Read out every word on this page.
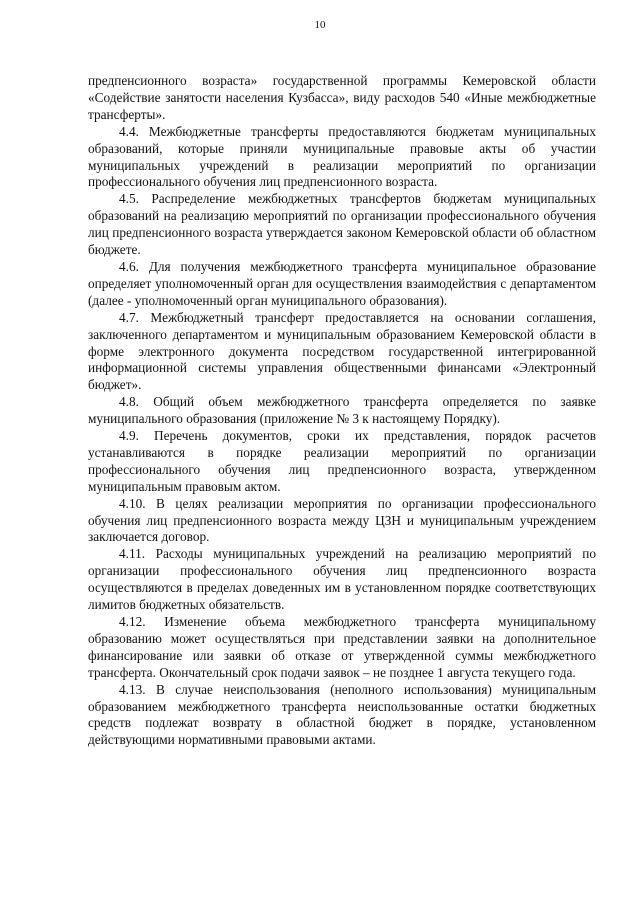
10

предпенсионного возраста» государственной программы Кемеровской области «Содействие занятости населения Кузбасса», виду расходов 540 «Иные межбюджетные трансферты».

4.4. Межбюджетные трансферты предоставляются бюджетам муниципальных образований, которые приняли муниципальные правовые акты об участии муниципальных учреждений в реализации мероприятий по организации профессионального обучения лиц предпенсионного возраста.

4.5. Распределение межбюджетных трансфертов бюджетам муниципальных образований на реализацию мероприятий по организации профессионального обучения лиц предпенсионного возраста утверждается законом Кемеровской области об областном бюджете.

4.6. Для получения межбюджетного трансферта муниципальное образование определяет уполномоченный орган для осуществления взаимодействия с департаментом (далее - уполномоченный орган муниципального образования).

4.7. Межбюджетный трансферт предоставляется на основании соглашения, заключенного департаментом и муниципальным образованием Кемеровской области в форме электронного документа посредством государственной интегрированной информационной системы управления общественными финансами «Электронный бюджет».

4.8. Общий объем межбюджетного трансферта определяется по заявке муниципального образования (приложение № 3 к настоящему Порядку).

4.9. Перечень документов, сроки их представления, порядок расчетов устанавливаются в порядке реализации мероприятий по организации профессионального обучения лиц предпенсионного возраста, утвержденном муниципальным правовым актом.

4.10. В целях реализации мероприятия по организации профессионального обучения лиц предпенсионного возраста между ЦЗН и муниципальным учреждением заключается договор.

4.11. Расходы муниципальных учреждений на реализацию мероприятий по организации профессионального обучения лиц предпенсионного возраста осуществляются в пределах доведенных им в установленном порядке соответствующих лимитов бюджетных обязательств.

4.12. Изменение объема межбюджетного трансферта муниципальному образованию может осуществляться при представлении заявки на дополнительное финансирование или заявки об отказе от утвержденной суммы межбюджетного трансферта. Окончательный срок подачи заявок – не позднее 1 августа текущего года.

4.13. В случае неиспользования (неполного использования) муниципальным образованием межбюджетного трансферта неиспользованные остатки бюджетных средств подлежат возврату в областной бюджет в порядке, установленном действующими нормативными правовыми актами.
